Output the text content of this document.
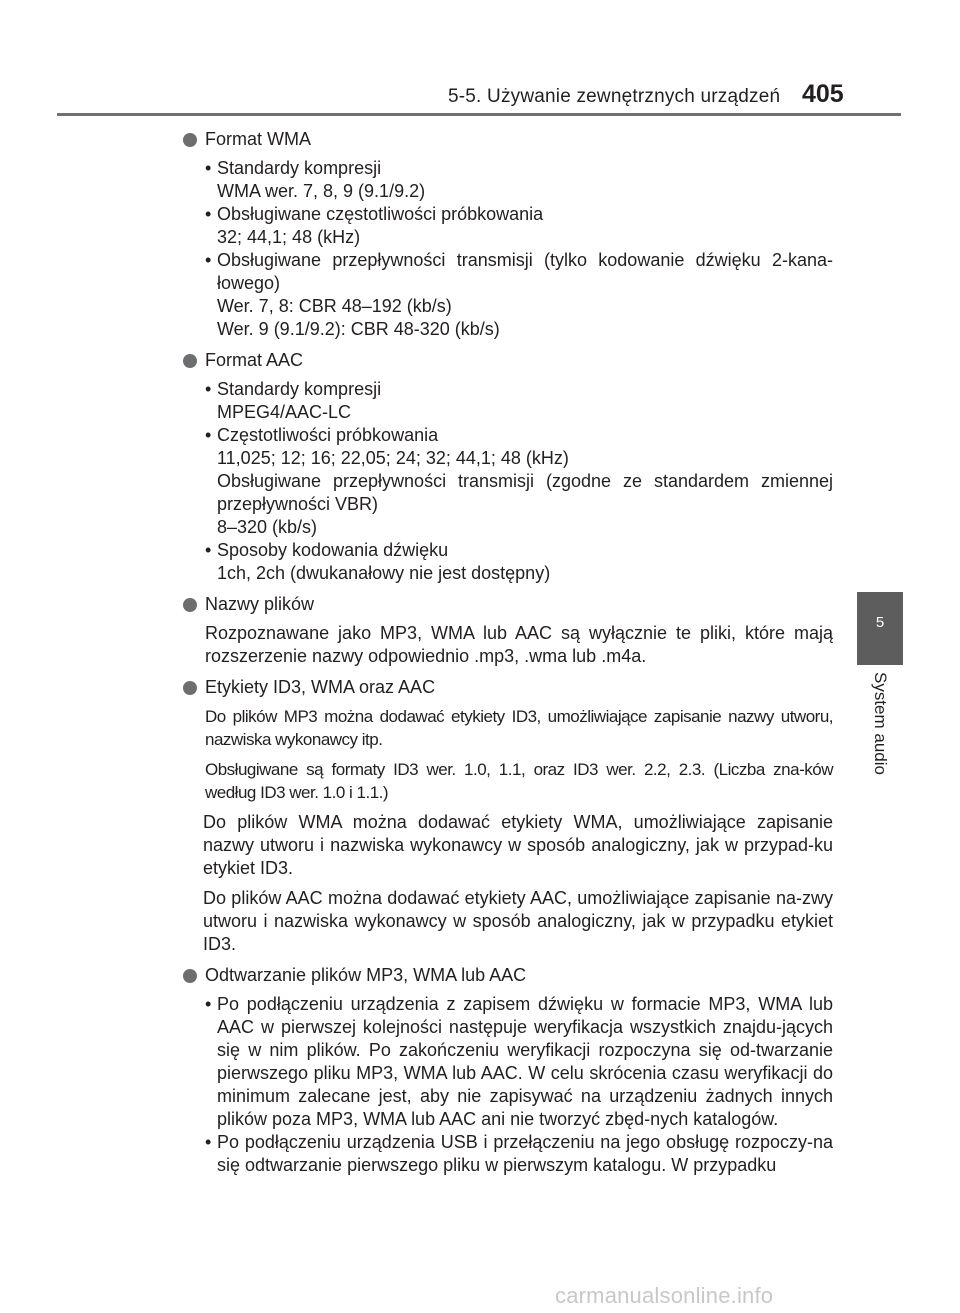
5-5. Używanie zewnętrznych urządzeń 405
5
System audio
Format WMA
• Standardy kompresji
WMA wer. 7, 8, 9 (9.1/9.2)
• Obsługiwane częstotliwości próbkowania
32; 44,1; 48 (kHz)
• Obsługiwane przepływności transmisji (tylko kodowanie dźwięku 2-kana-łowego)
Wer. 7, 8: CBR 48–192 (kb/s)
Wer. 9 (9.1/9.2): CBR 48-320 (kb/s)
Format AAC
• Standardy kompresji
MPEG4/AAC-LC
• Częstotliwości próbkowania
11,025; 12; 16; 22,05; 24; 32; 44,1; 48 (kHz)
Obsługiwane przepływności transmisji (zgodne ze standardem zmiennej przepływności VBR)
8–320 (kb/s)
• Sposoby kodowania dźwięku
1ch, 2ch (dwukanałowy nie jest dostępny)
Nazwy plików
Rozpoznawane jako MP3, WMA lub AAC są wyłącznie te pliki, które mają rozszerzenie nazwy odpowiednio .mp3, .wma lub .m4a.
Etykiety ID3, WMA oraz AAC
Do plików MP3 można dodawać etykiety ID3, umożliwiające zapisanie nazwy utworu, nazwiska wykonawcy itp.
Obsługiwane są formaty ID3 wer. 1.0, 1.1, oraz ID3 wer. 2.2, 2.3. (Liczba zna-ków według ID3 wer. 1.0 i 1.1.)
Do plików WMA można dodawać etykiety WMA, umożliwiające zapisanie nazwy utworu i nazwiska wykonawcy w sposób analogiczny, jak w przypad-ku etykiet ID3.
Do plików AAC można dodawać etykiety AAC, umożliwiające zapisanie na-zwy utworu i nazwiska wykonawcy w sposób analogiczny, jak w przypadku etykiet ID3.
Odtwarzanie plików MP3, WMA lub AAC
• Po podłączeniu urządzenia z zapisem dźwięku w formacie MP3, WMA lub AAC w pierwszej kolejności następuje weryfikacja wszystkich znajdu-jących się w nim plików. Po zakończeniu weryfikacji rozpoczyna się od-twarzanie pierwszego pliku MP3, WMA lub AAC. W celu skrócenia czasu weryfikacji do minimum zalecane jest, aby nie zapisywać na urządzeniu żadnych innych plików poza MP3, WMA lub AAC ani nie tworzyć zbęd-nych katalogów.
• Po podłączeniu urządzenia USB i przełączeniu na jego obsługę rozpoczy-na się odtwarzanie pierwszego pliku w pierwszym katalogu. W przypadku
carmanualsonline.info
